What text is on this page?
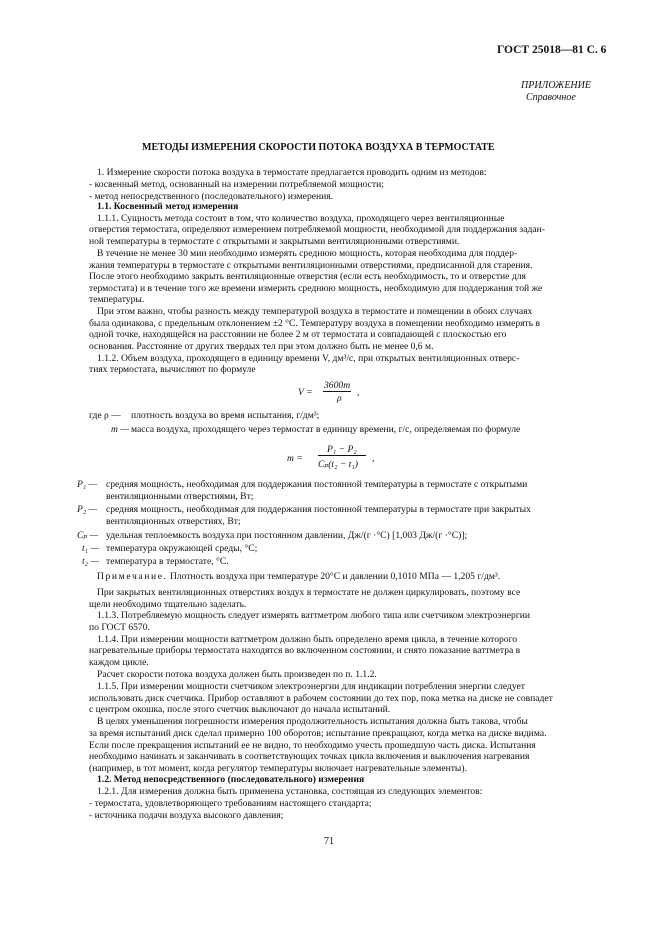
ГОСТ 25018—81 С. 6
ПРИЛОЖЕНИЕ
Справочное
МЕТОДЫ ИЗМЕРЕНИЯ СКОРОСТИ ПОТОКА ВОЗДУХА В ТЕРМОСТАТЕ
1. Измерение скорости потока воздуха в термостате предлагается проводить одним из методов:
- косвенный метод, основанный на измерении потребляемой мощности;
- метод непосредственного (последовательного) измерения.
1.1. Косвенный метод измерения
1.1.1. Сущность метода состоит в том, что количество воздуха, проходящего через вентиляционные
отверстия термостата, определяют измерением потребляемой мощности, необходимой для поддержания задан-
ной температуры в термостате с открытыми и закрытыми вентиляционными отверстиями.
В течение не менее 30 мин необходимо измерять среднюю мощность, которая необходима для поддер-
жания температуры в термостате с открытыми вентиляционными отверстиями, предписанной для старения.
После этого необходимо закрыть вентиляционные отверстия (если есть необходимость, то и отверстие для
термостата) и в течение того же времени измерить среднюю мощность, необходимую для поддержания той же
температуры.
При этом важно, чтобы разность между температурой воздуха в термостате и помещении в обоих случаях
была одинакова, с предельным отклонением ±2 °С. Температуру воздуха в помещении необходимо измерять в
одной точке, находящейся на расстоянии не более 2 м от термостата и совпадающей с плоскостью его
основания. Расстояние от других твердых тел при этом должно быть не менее 0,6 м.
1.1.2. Объем воздуха, проходящего в единицу времени V, дм³/с, при открытых вентиляционных отверс-
тиях термостата, вычисляют по формуле
V =
3600m
ρ
,
где ρ — плотность воздуха во время испытания, г/дм³;
m — масса воздуха, проходящего через термостат в единицу времени, г/с, определяемая по формуле
m =
P₁ − P₂
Cₚ(t₂ − t₁)
,
P₁ — средняя мощность, необходимая для поддержания постоянной температуры в термостате с открытыми
вентиляционными отверстиями, Вт;
P₂ — средняя мощность, необходимая для поддержания постоянной температуры в термостате при закрытых
вентиляционных отверстиях, Вт;
Cₚ — удельная теплоемкость воздуха при постоянном давлении, Дж/(г ·°С) [1,003 Дж/(г ·°С)];
t₁ — температура окружающей среды, °С;
t₂ — температура в термостате, °С.
Примечание. Плотность воздуха при температуре 20°С и давлении 0,1010 МПа — 1,205 г/дм³.
При закрытых вентиляционных отверстиях воздух в термостате не должен циркулировать, поэтому все
щели необходимо тщательно заделать.
1.1.3. Потребляемую мощность следует измерять ваттметром любого типа или счетчиком электроэнергии
по ГОСТ 6570.
1.1.4. При измерении мощности ваттметром должно быть определено время цикла, в течение которого
нагревательные приборы термостата находятся во включенном состоянии, и снято показание ваттметра в
каждом цикле.
Расчет скорости потока воздуха должен быть произведен по п. 1.1.2.
1.1.5. При измерении мощности счетчиком электроэнергии для индикации потребления энергии следует
использовать диск счетчика. Прибор оставляют в рабочем состоянии до тех пор, пока метка на диске не совпадет
с центром окошка, после этого счетчик выключают до начала испытаний.
В целях уменьшения погрешности измерения продолжительность испытания должна быть такова, чтобы
за время испытаний диск сделал примерно 100 оборотов; испытание прекращают, когда метка на диске видима.
Если после прекращения испытаний ее не видно, то необходимо учесть прошедшую часть диска. Испытания
необходимо начинать и заканчивать в соответствующих точках цикла включения и выключения нагревания
(например, в тот момент, когда регулятор температуры включает нагревательные элементы).
1.2. Метод непосредственного (последовательного) измерения
1.2.1. Для измерения должна быть применена установка, состоящая из следующих элементов:
- термостата, удовлетворяющего требованиям настоящего стандарта;
- источника подачи воздуха высокого давления;
71
